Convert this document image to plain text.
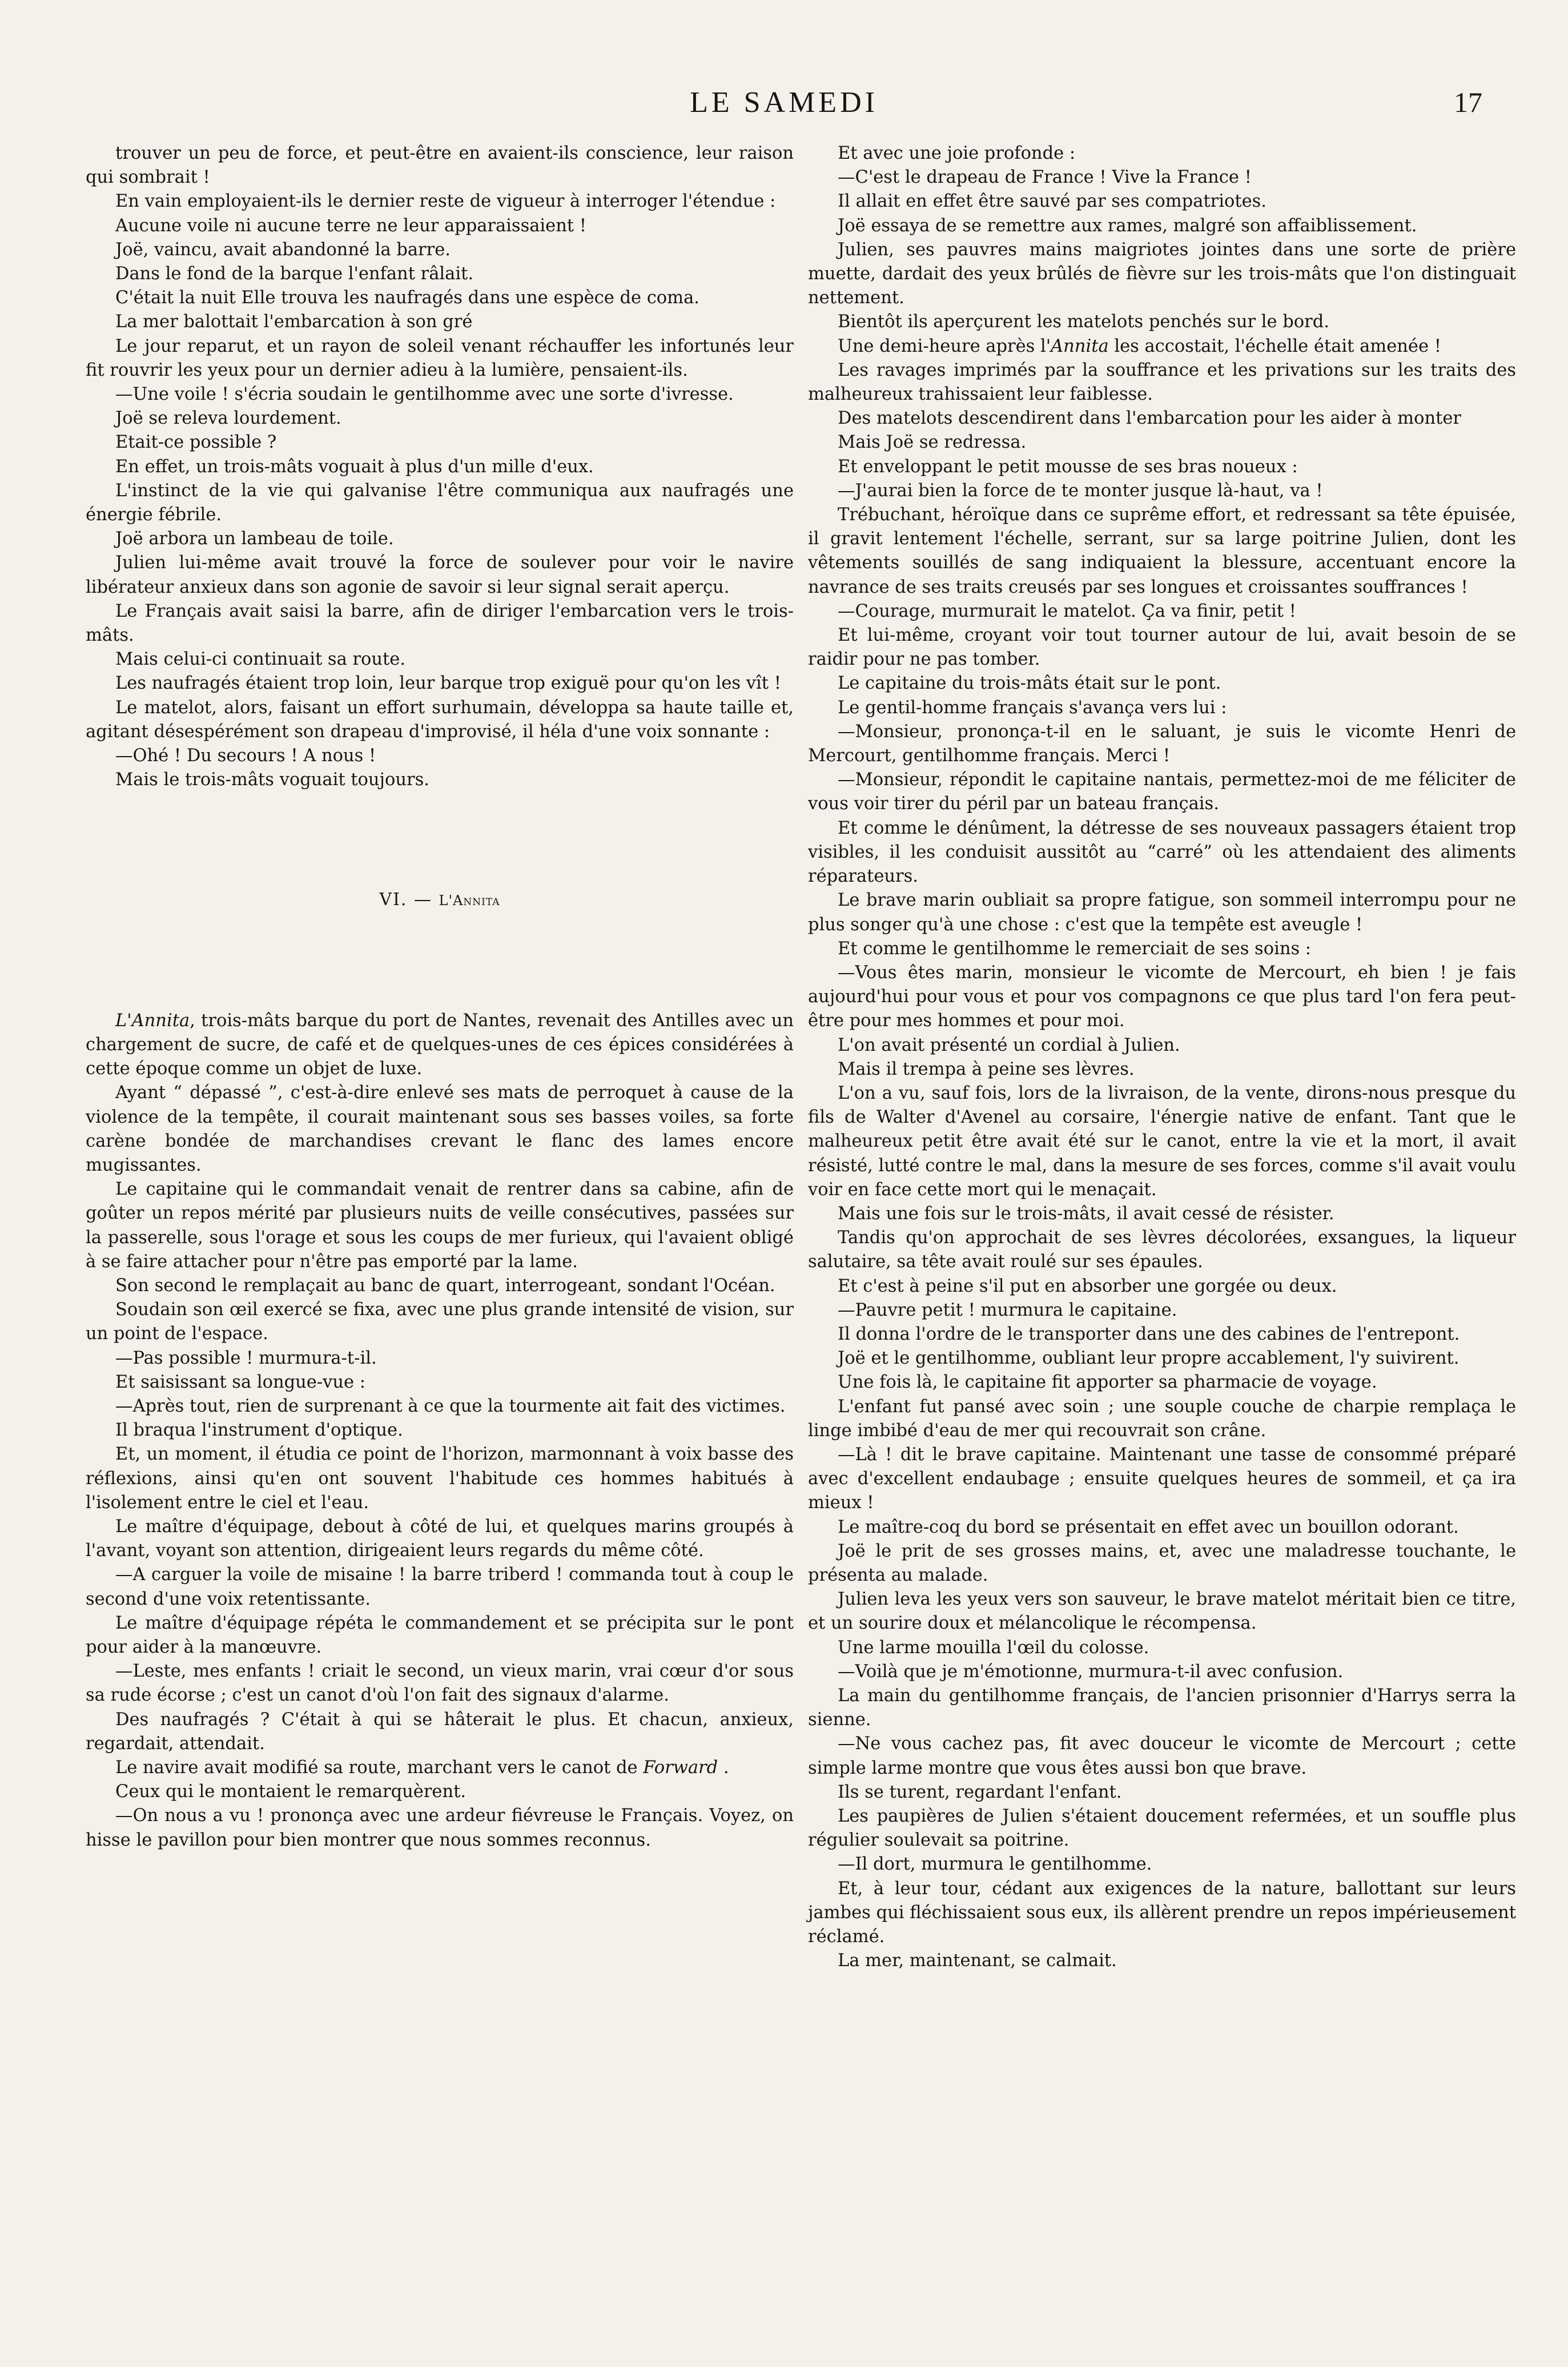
LE SAMEDI	17

trouver un peu de force, et peut-être en avaient-ils conscience, leur raison qui sombrait !

En vain employaient-ils le dernier reste de vigueur à interroger l'étendue :

Aucune voile ni aucune terre ne leur apparaissaient !

Joë, vaincu, avait abandonné la barre.

Dans le fond de la barque l'enfant râlait.

C'était la nuit Elle trouva les naufragés dans une espèce de coma.

La mer balottait l'embarcation à son gré

Le jour reparut, et un rayon de soleil venant réchauffer les infortunés leur fit rouvrir les yeux pour un dernier adieu à la lumière, pensaient-ils.

—Une voile ! s'écria soudain le gentilhomme avec une sorte d'ivresse.

Joë se releva lourdement.

Etait-ce possible ?

En effet, un trois-mâts voguait à plus d'un mille d'eux.

L'instinct de la vie qui galvanise l'être communiqua aux naufragés une énergie fébrile.

Joë arbora un lambeau de toile.

Julien lui-même avait trouvé la force de soulever pour voir le navire libérateur anxieux dans son agonie de savoir si leur signal serait aperçu.

Le Français avait saisi la barre, afin de diriger l'embarcation vers le trois-mâts.

Mais celui-ci continuait sa route.

Les naufragés étaient trop loin, leur barque trop exiguë pour qu'on les vît !

Le matelot, alors, faisant un effort surhumain, développa sa haute taille et, agitant désespérément son drapeau d'improvisé, il héla d'une voix sonnante :

—Ohé ! Du secours ! A nous !

Mais le trois-mâts voguait toujours.

VI. — L'Annita

L'Annita, trois-mâts barque du port de Nantes, revenait des Antilles avec un chargement de sucre, de café et de quelques-unes de ces épices considérées à cette époque comme un objet de luxe.

Ayant “ dépassé ”, c'est-à-dire enlevé ses mats de perroquet à cause de la violence de la tempête, il courait maintenant sous ses basses voiles, sa forte carène bondée de marchandises crevant le flanc des lames encore mugissantes.

Le capitaine qui le commandait venait de rentrer dans sa cabine, afin de goûter un repos mérité par plusieurs nuits de veille consécutives, passées sur la passerelle, sous l'orage et sous les coups de mer furieux, qui l'avaient obligé à se faire attacher pour n'être pas emporté par la lame.

Son second le remplaçait au banc de quart, interrogeant, sondant l'Océan.

Soudain son œil exercé se fixa, avec une plus grande intensité de vision, sur un point de l'espace.

—Pas possible ! murmura-t-il.

Et saisissant sa longue-vue :

—Après tout, rien de surprenant à ce que la tourmente ait fait des victimes.

Il braqua l'instrument d'optique.

Et, un moment, il étudia ce point de l'horizon, marmonnant à voix basse des réflexions, ainsi qu'en ont souvent l'habitude ces hommes habitués à l'isolement entre le ciel et l'eau.

Le maître d'équipage, debout à côté de lui, et quelques marins groupés à l'avant, voyant son attention, dirigeaient leurs regards du même côté.

—A carguer la voile de misaine ! la barre triberd ! commanda tout à coup le second d'une voix retentissante.

Le maître d'équipage répéta le commandement et se précipita sur le pont pour aider à la manœuvre.

—Leste, mes enfants ! criait le second, un vieux marin, vrai cœur d'or sous sa rude écorse ; c'est un canot d'où l'on fait des signaux d'alarme.

Des naufragés ? C'était à qui se hâterait le plus. Et chacun, anxieux, regardait, attendait.

Le navire avait modifié sa route, marchant vers le canot de Forward .

Ceux qui le montaient le remarquèrent.

—On nous a vu ! prononça avec une ardeur fiévreuse le Français. Voyez, on hisse le pavillon pour bien montrer que nous sommes reconnus.

Et avec une joie profonde :

—C'est le drapeau de France ! Vive la France !

Il allait en effet être sauvé par ses compatriotes.

Joë essaya de se remettre aux rames, malgré son affaiblissement.

Julien, ses pauvres mains maigriotes jointes dans une sorte de prière muette, dardait des yeux brûlés de fièvre sur les trois-mâts que l'on distinguait nettement.

Bientôt ils aperçurent les matelots penchés sur le bord.

Une demi-heure après l'Annita les accostait, l'échelle était amenée !

Les ravages imprimés par la souffrance et les privations sur les traits des malheureux trahissaient leur faiblesse.

Des matelots descendirent dans l'embarcation pour les aider à monter

Mais Joë se redressa.

Et enveloppant le petit mousse de ses bras noueux :

—J'aurai bien la force de te monter jusque là-haut, va !

Trébuchant, héroïque dans ce suprême effort, et redressant sa tête épuisée, il gravit lentement l'échelle, serrant, sur sa large poitrine Julien, dont les vêtements souillés de sang indiquaient la blessure, accentuant encore la navrance de ses traits creusés par ses longues et croissantes souffrances !

—Courage, murmurait le matelot. Ça va finir, petit !

Et lui-même, croyant voir tout tourner autour de lui, avait besoin de se raidir pour ne pas tomber.

Le capitaine du trois-mâts était sur le pont.

Le gentil-homme français s'avança vers lui :

—Monsieur, prononça-t-il en le saluant, je suis le vicomte Henri de Mercourt, gentilhomme français. Merci !

—Monsieur, répondit le capitaine nantais, permettez-moi de me féliciter de vous voir tirer du péril par un bateau français.

Et comme le dénûment, la détresse de ses nouveaux passagers étaient trop visibles, il les conduisit aussitôt au “carré” où les attendaient des aliments réparateurs.

Le brave marin oubliait sa propre fatigue, son sommeil interrompu pour ne plus songer qu'à une chose : c'est que la tempête est aveugle !

Et comme le gentilhomme le remerciait de ses soins :

—Vous êtes marin, monsieur le vicomte de Mercourt, eh bien ! je fais aujourd'hui pour vous et pour vos compagnons ce que plus tard l'on fera peut-être pour mes hommes et pour moi.

L'on avait présenté un cordial à Julien.

Mais il trempa à peine ses lèvres.

L'on a vu, sauf fois, lors de la livraison, de la vente, dirons-nous presque du fils de Walter d'Avenel au corsaire, l'énergie native de enfant. Tant que le malheureux petit être avait été sur le canot, entre la vie et la mort, il avait résisté, lutté contre le mal, dans la mesure de ses forces, comme s'il avait voulu voir en face cette mort qui le menaçait.

Mais une fois sur le trois-mâts, il avait cessé de résister.

Tandis qu'on approchait de ses lèvres décolorées, exsangues, la liqueur salutaire, sa tête avait roulé sur ses épaules.

Et c'est à peine s'il put en absorber une gorgée ou deux.

—Pauvre petit ! murmura le capitaine.

Il donna l'ordre de le transporter dans une des cabines de l'entrepont.

Joë et le gentilhomme, oubliant leur propre accablement, l'y suivirent.

Une fois là, le capitaine fit apporter sa pharmacie de voyage.

L'enfant fut pansé avec soin ; une souple couche de charpie remplaça le linge imbibé d'eau de mer qui recouvrait son crâne.

—Là ! dit le brave capitaine. Maintenant une tasse de consommé préparé avec d'excellent endaubage ; ensuite quelques heures de sommeil, et ça ira mieux !

Le maître-coq du bord se présentait en effet avec un bouillon odorant.

Joë le prit de ses grosses mains, et, avec une maladresse touchante, le présenta au malade.

Julien leva les yeux vers son sauveur, le brave matelot méritait bien ce titre, et un sourire doux et mélancolique le récompensa.

Une larme mouilla l'œil du colosse.

—Voilà que je m'émotionne, murmura-t-il avec confusion.

La main du gentilhomme français, de l'ancien prisonnier d'Harrys serra la sienne.

—Ne vous cachez pas, fit avec douceur le vicomte de Mercourt ; cette simple larme montre que vous êtes aussi bon que brave.

Ils se turent, regardant l'enfant.

Les paupières de Julien s'étaient doucement refermées, et un souffle plus régulier soulevait sa poitrine.

—Il dort, murmura le gentilhomme.

Et, à leur tour, cédant aux exigences de la nature, ballottant sur leurs jambes qui fléchissaient sous eux, ils allèrent prendre un repos impérieusement réclamé.

La mer, maintenant, se calmait.
